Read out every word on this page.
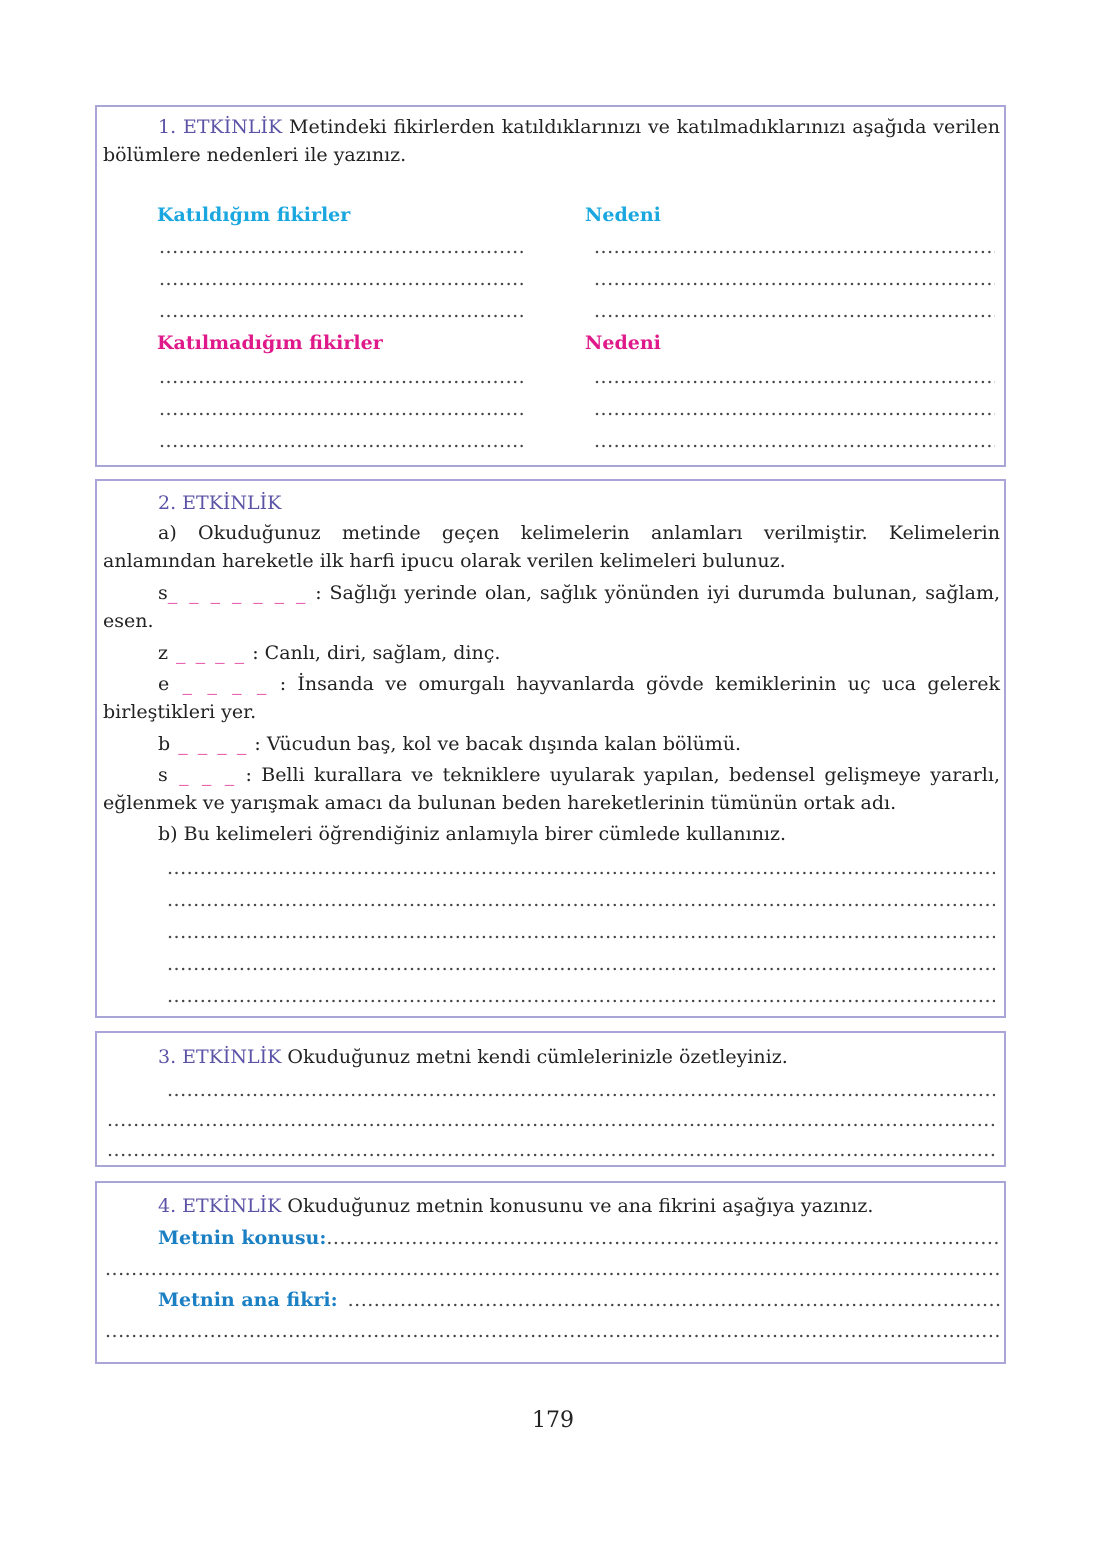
1. ETKİNLİK Metindeki fikirlerden katıldıklarınızı ve katılmadıklarınızı aşağıda verilen bölümlere nedenleri ile yazınız.
Katıldığım fikirler	Nedeni
.....
.....
.....
.....
.....
.....
Katılmadığım fikirler	Nedeni
.....
.....
.....
.....
.....
.....
2. ETKİNLİK
a) Okuduğunuz metinde geçen kelimelerin anlamları verilmiştir. Kelimelerin anlamından hareketle ilk harfi ipucu olarak verilen kelimeleri bulunuz.
s_ _ _ _ _ _ _ : Sağlığı yerinde olan, sağlık yönünden iyi durumda bulunan, sağlam, esen.
z _ _ _ _ : Canlı, diri, sağlam, dinç.
e _ _ _ _ : İnsanda ve omurgalı hayvanlarda gövde kemiklerinin uç uca gelerek birleştikleri yer.
b _ _ _ _ : Vücudun baş, kol ve bacak dışında kalan bölümü.
s _ _ _ : Belli kurallara ve tekniklere uyularak yapılan, bedensel gelişmeye yararlı, eğlenmek ve yarışmak amacı da bulunan beden hareketlerinin tümünün ortak adı.
b) Bu kelimeleri öğrendiğiniz anlamıyla birer cümlede kullanınız.
.....
.....
.....
.....
.....
3. ETKİNLİK Okuduğunuz metni kendi cümlelerinizle özetleyiniz.
.....
.....
.....
4. ETKİNLİK Okuduğunuz metnin konusunu ve ana fikrini aşağıya yazınız.
Metnin konusu:
.....
.....
Metnin ana fikri:
.....
.....
179
